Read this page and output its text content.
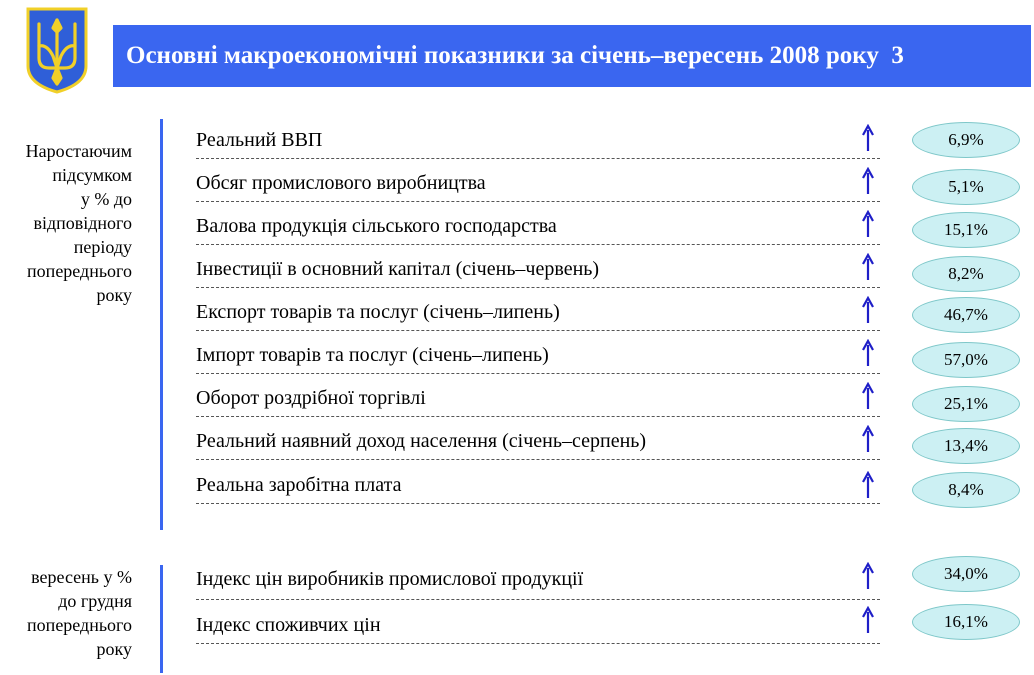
Основні макроекономічні показники за січень–вересень 2008 року 3
Наростаючим
підсумком
у % до
відповідного
періоду
попереднього
року
вересень у %
до грудня
попереднього
року
Реальний ВВП
Обсяг промислового виробництва
Валова продукція сільського господарства
Інвестиції в основний капітал (січень–червень)
Експорт товарів та послуг (січень–липень)
Імпорт товарів та послуг (січень–липень)
Оборот роздрібної торгівлі
Реальний наявний доход населення (січень–серпень)
Реальна заробітна плата
Індекс цін виробників промислової продукції
Індекс споживчих цін
6,9%
5,1%
15,1%
8,2%
46,7%
57,0%
25,1%
13,4%
8,4%
34,0%
16,1%
